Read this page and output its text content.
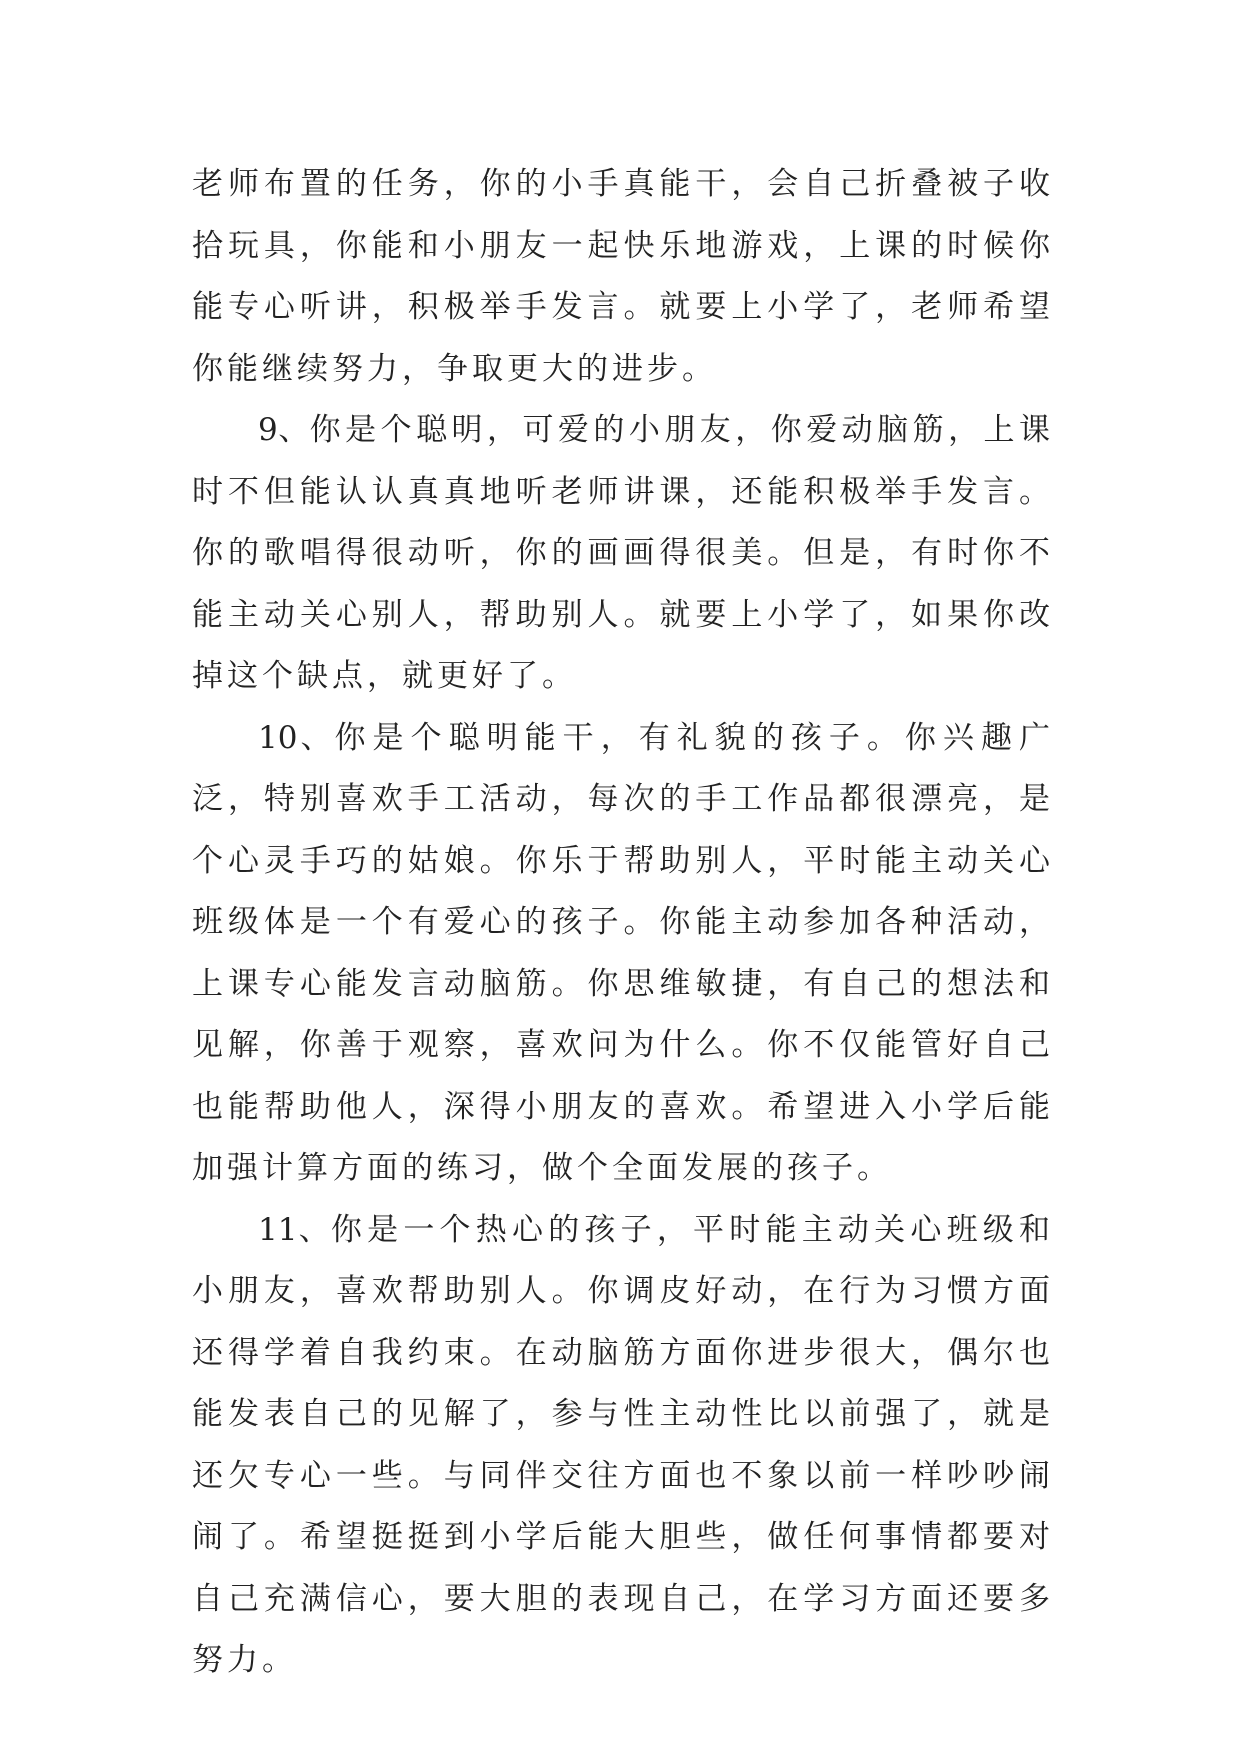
老师布置的任务，你的小手真能干，会自己折叠被子收拾玩具，你能和小朋友一起快乐地游戏，上课的时候你能专心听讲，积极举手发言。就要上小学了，老师希望你能继续努力，争取更大的进步。

9、你是个聪明，可爱的小朋友，你爱动脑筋，上课时不但能认认真真地听老师讲课，还能积极举手发言。你的歌唱得很动听，你的画画得很美。但是，有时你不能主动关心别人，帮助别人。就要上小学了，如果你改掉这个缺点，就更好了。

10、你是个聪明能干，有礼貌的孩子。你兴趣广泛，特别喜欢手工活动，每次的手工作品都很漂亮，是个心灵手巧的姑娘。你乐于帮助别人，平时能主动关心班级体是一个有爱心的孩子。你能主动参加各种活动，上课专心能发言动脑筋。你思维敏捷，有自己的想法和见解，你善于观察，喜欢问为什么。你不仅能管好自己也能帮助他人，深得小朋友的喜欢。希望进入小学后能加强计算方面的练习，做个全面发展的孩子。

11、你是一个热心的孩子，平时能主动关心班级和小朋友，喜欢帮助别人。你调皮好动，在行为习惯方面还得学着自我约束。在动脑筋方面你进步很大，偶尔也能发表自己的见解了，参与性主动性比以前强了，就是还欠专心一些。与同伴交往方面也不象以前一样吵吵闹闹了。希望挺挺到小学后能大胆些，做任何事情都要对自己充满信心，要大胆的表现自己，在学习方面还要多努力。
